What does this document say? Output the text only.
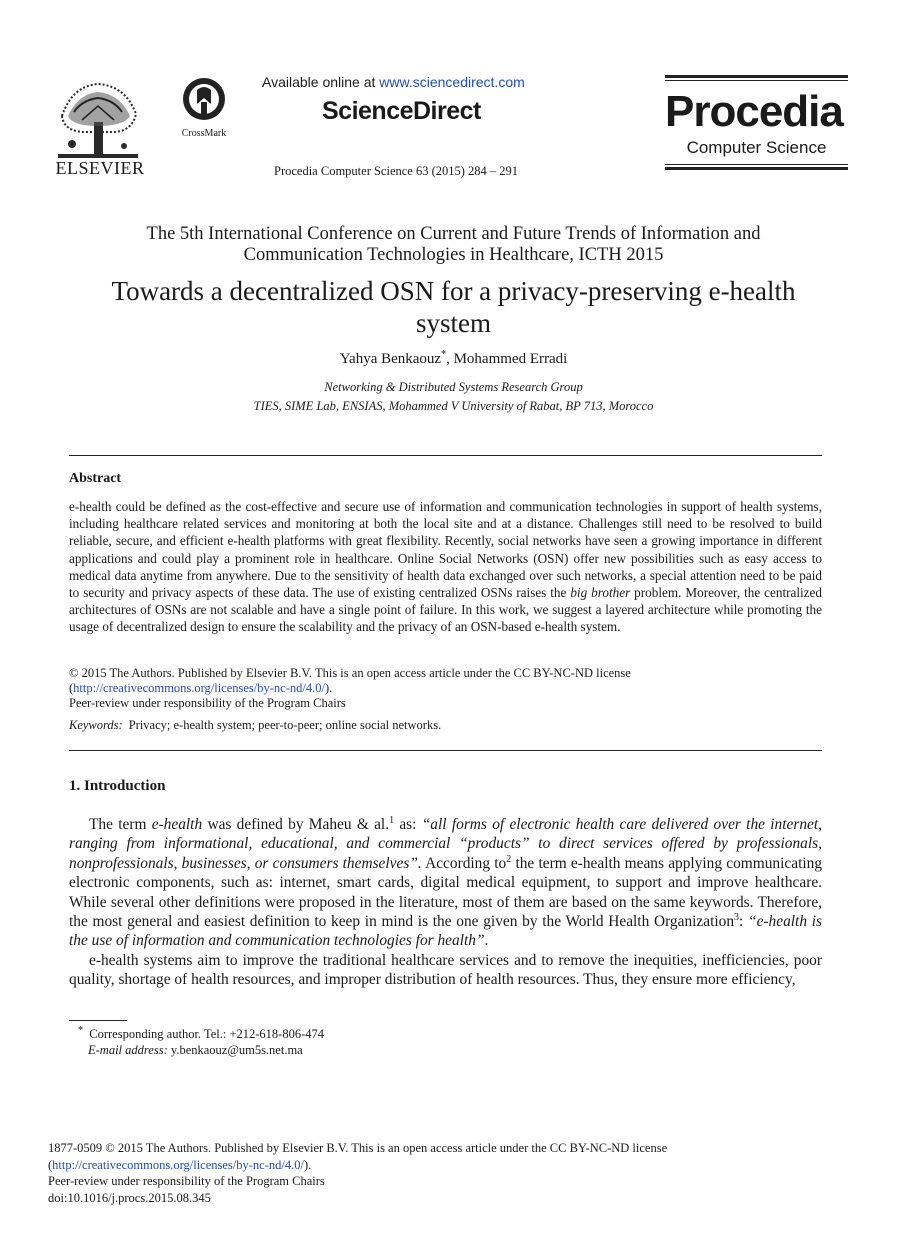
ELSEVIER
CrossMark
Available online at www.sciencedirect.com
ScienceDirect
Procedia Computer Science 63 (2015) 284 – 291
Procedia
Computer Science
The 5th International Conference on Current and Future Trends of Information and
Communication Technologies in Healthcare, ICTH 2015
Towards a decentralized OSN for a privacy-preserving e-health
system
Yahya Benkaouz*, Mohammed Erradi
Networking & Distributed Systems Research Group
TIES, SIME Lab, ENSIAS, Mohammed V University of Rabat, BP 713, Morocco
Abstract
e-health could be defined as the cost-effective and secure use of information and communication technologies in support of health systems, including healthcare related services and monitoring at both the local site and at a distance. Challenges still need to be resolved to build reliable, secure, and efficient e-health platforms with great flexibility. Recently, social networks have seen a growing importance in different applications and could play a prominent role in healthcare. Online Social Networks (OSN) offer new possibilities such as easy access to medical data anytime from anywhere. Due to the sensitivity of health data exchanged over such networks, a special attention need to be paid to security and privacy aspects of these data. The use of existing centralized OSNs raises the big brother problem. Moreover, the centralized architectures of OSNs are not scalable and have a single point of failure. In this work, we suggest a layered architecture while promoting the usage of decentralized design to ensure the scalability and the privacy of an OSN-based e-health system.
© 2015 The Authors. Published by Elsevier B.V. This is an open access article under the CC BY-NC-ND license
(http://creativecommons.org/licenses/by-nc-nd/4.0/).
Peer-review under responsibility of the Program Chairs
Keywords: Privacy; e-health system; peer-to-peer; online social networks.
1. Introduction

The term e-health was defined by Maheu & al.$^1$ as: “all forms of electronic health care delivered over the internet, ranging from informational, educational, and commercial “products” to direct services offered by professionals, nonprofessionals, businesses, or consumers themselves”. According $to^2$ the term e-health means applying communicating electronic components, such as: internet, smart cards, digital medical equipment, to support and improve healthcare. While several other definitions were proposed in the literature, most of them are based on the same keywords. Therefore, the most general and easiest definition to keep in mind is the one given by the World Health Organization$^3$: “e-health is the use of information and communication technologies for health”.

e-health systems aim to improve the traditional healthcare services and to remove the inequities, inefficiencies, poor quality, shortage of health resources, and improper distribution of health resources. Thus, they ensure more efficiency,

* Corresponding author. Tel.: +212-618-806-474
E-mail address: y.benkaouz@um5s.net.ma
1877-0509 © 2015 The Authors. Published by Elsevier B.V. This is an open access article under the CC BY-NC-ND license
(http://creativecommons.org/licenses/by-nc-nd/4.0/).
Peer-review under responsibility of the Program Chairs
doi:10.1016/j.procs.2015.08.345
